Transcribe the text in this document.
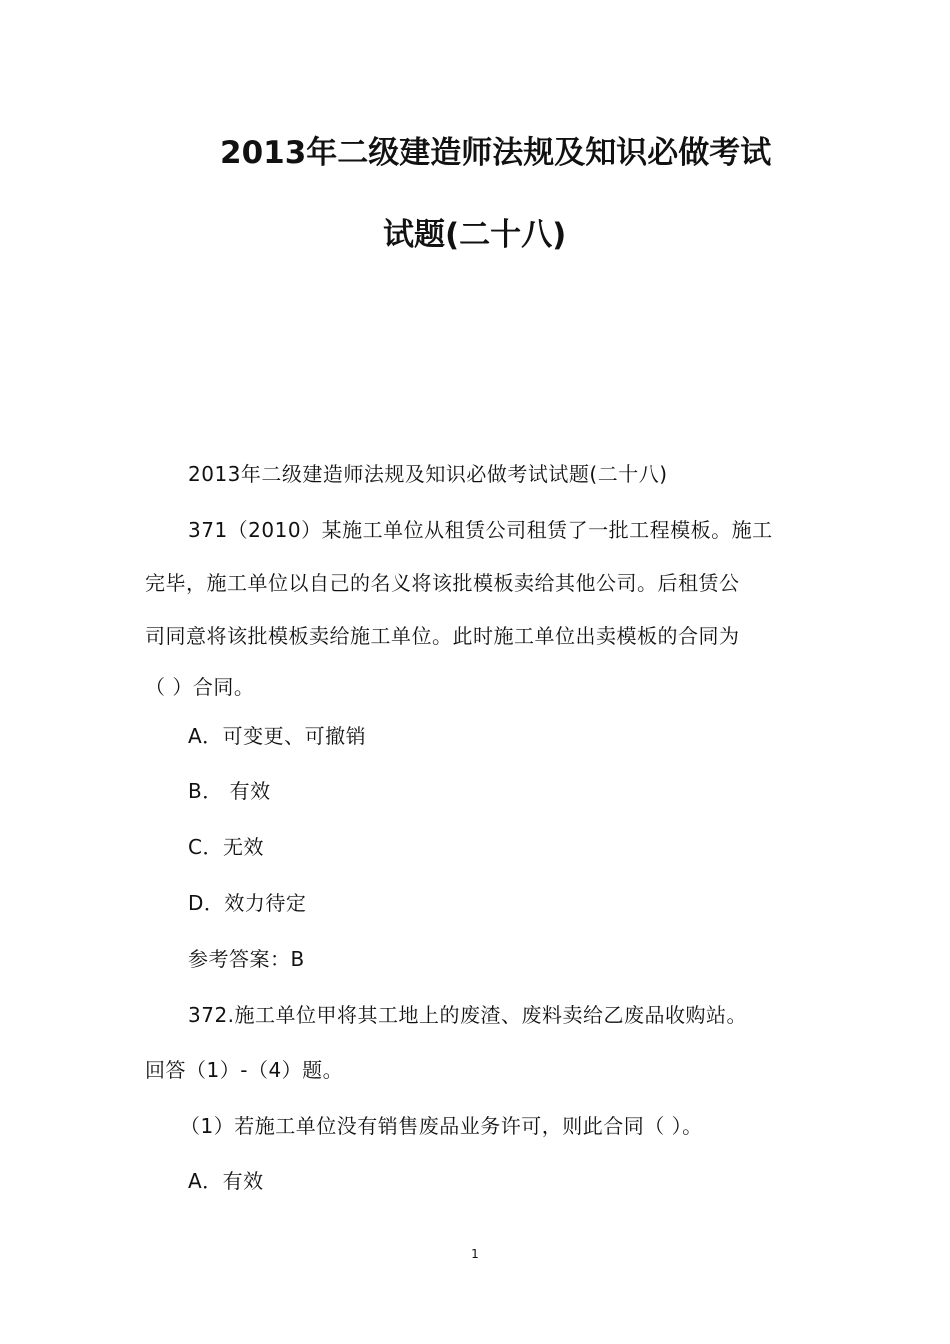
2013年二级建造师法规及知识必做考试
试题(二十八)
2013年二级建造师法规及知识必做考试试题(二十八)
371（2010）某施工单位从租赁公司租赁了一批工程模板。施工
完毕，施工单位以自己的名义将该批模板卖给其他公司。后租赁公
司同意将该批模板卖给施工单位。此时施工单位出卖模板的合同为
（ ）合同。
A．可变更、可撤销
B． 有效
C．无效
D．效力待定
参考答案：B
372.施工单位甲将其工地上的废渣、废料卖给乙废品收购站。
回答（1）-（4）题。
（1）若施工单位没有销售废品业务许可，则此合同（ ）。
A．有效
1
